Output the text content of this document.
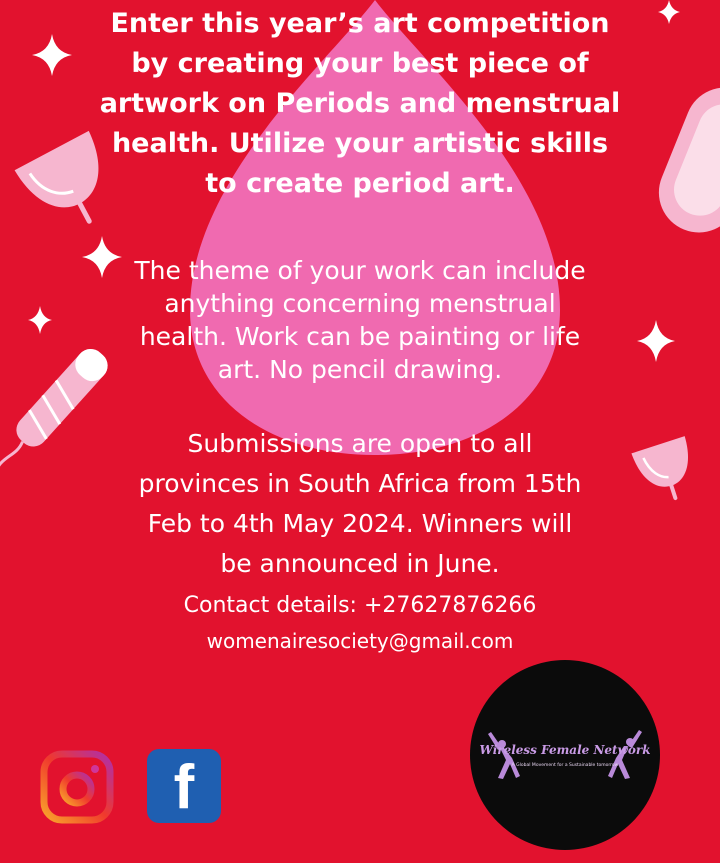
Enter this year’s art competition
by creating your best piece of
artwork on Periods and menstrual
health. Utilize your artistic skills
to create period art.
The theme of your work can include
anything concerning menstrual
health. Work can be painting or life
art. No pencil drawing.
Submissions are open to all
provinces in South Africa from 15th
Feb to 4th May 2024. Winners will
be announced in June.
Contact details: +27627876266
womenairesociety@gmail.com
f
Wireless Female Network
A Global Movement for a Sustainable tomorrow
